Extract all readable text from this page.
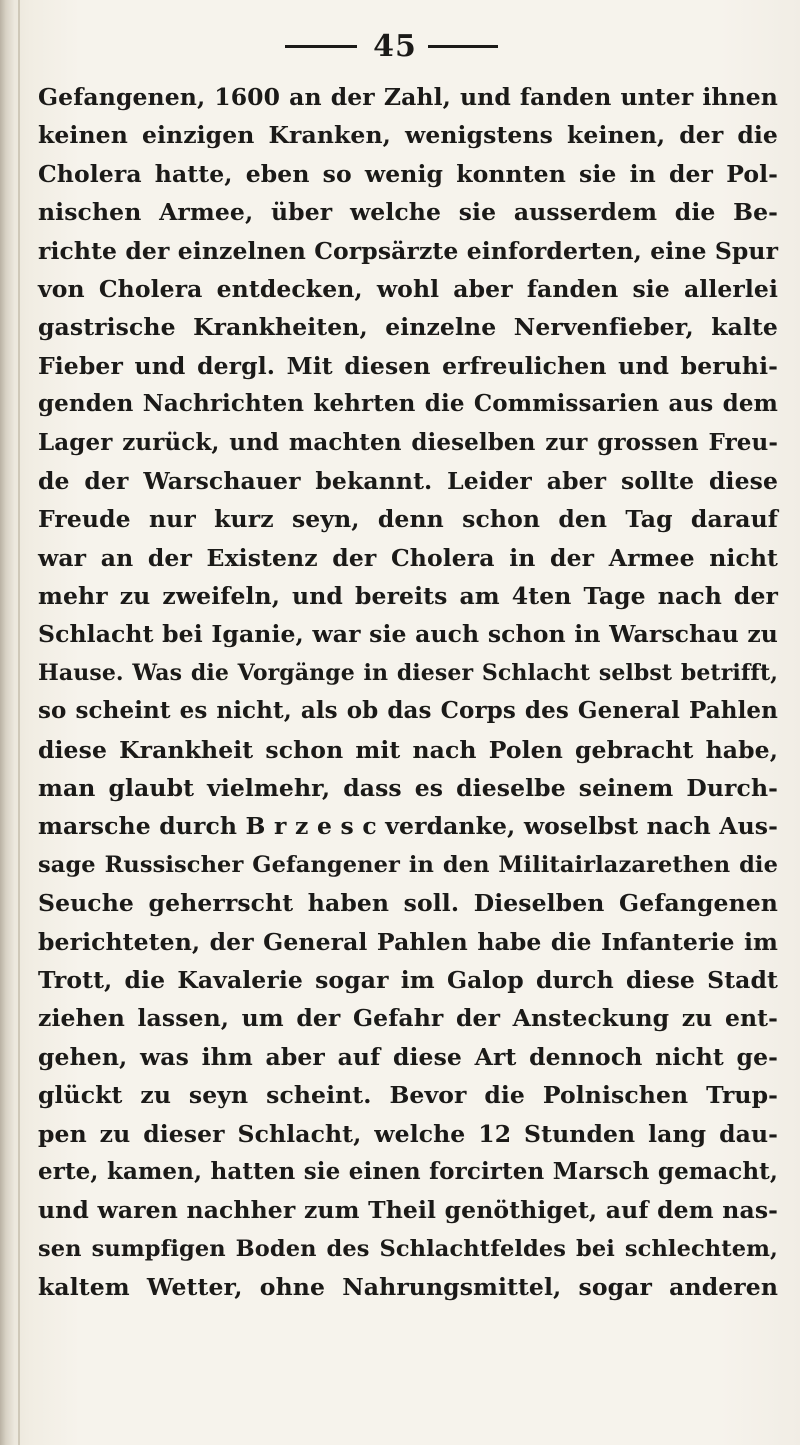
45
Gefangenen, 1600 an der Zahl, und fanden unter ihnen
keinen einzigen Kranken, wenigstens keinen, der die
Cholera hatte, eben so wenig konnten sie in der Pol-
nischen Armee, über welche sie ausserdem die Be-
richte der einzelnen Corpsärzte einforderten, eine Spur
von Cholera entdecken, wohl aber fanden sie allerlei
gastrische Krankheiten, einzelne Nervenfieber, kalte
Fieber und dergl. Mit diesen erfreulichen und beruhi-
genden Nachrichten kehrten die Commissarien aus dem
Lager zurück, und machten dieselben zur grossen Freu-
de der Warschauer bekannt. Leider aber sollte diese
Freude nur kurz seyn, denn schon den Tag darauf
war an der Existenz der Cholera in der Armee nicht
mehr zu zweifeln, und bereits am 4ten Tage nach der
Schlacht bei Iganie, war sie auch schon in Warschau zu
Hause. Was die Vorgänge in dieser Schlacht selbst betrifft,
so scheint es nicht, als ob das Corps des General Pahlen
diese Krankheit schon mit nach Polen gebracht habe,
man glaubt vielmehr, dass es dieselbe seinem Durch-
marsche durch B r z e s c verdanke, woselbst nach Aus-
sage Russischer Gefangener in den Militairlazarethen die
Seuche geherrscht haben soll. Dieselben Gefangenen
berichteten, der General Pahlen habe die Infanterie im
Trott, die Kavalerie sogar im Galop durch diese Stadt
ziehen lassen, um der Gefahr der Ansteckung zu ent-
gehen, was ihm aber auf diese Art dennoch nicht ge-
glückt zu seyn scheint. Bevor die Polnischen Trup-
pen zu dieser Schlacht, welche 12 Stunden lang dau-
erte, kamen, hatten sie einen forcirten Marsch gemacht,
und waren nachher zum Theil genöthiget, auf dem nas-
sen sumpfigen Boden des Schlachtfeldes bei schlechtem,
kaltem Wetter, ohne Nahrungsmittel, sogar anderen
